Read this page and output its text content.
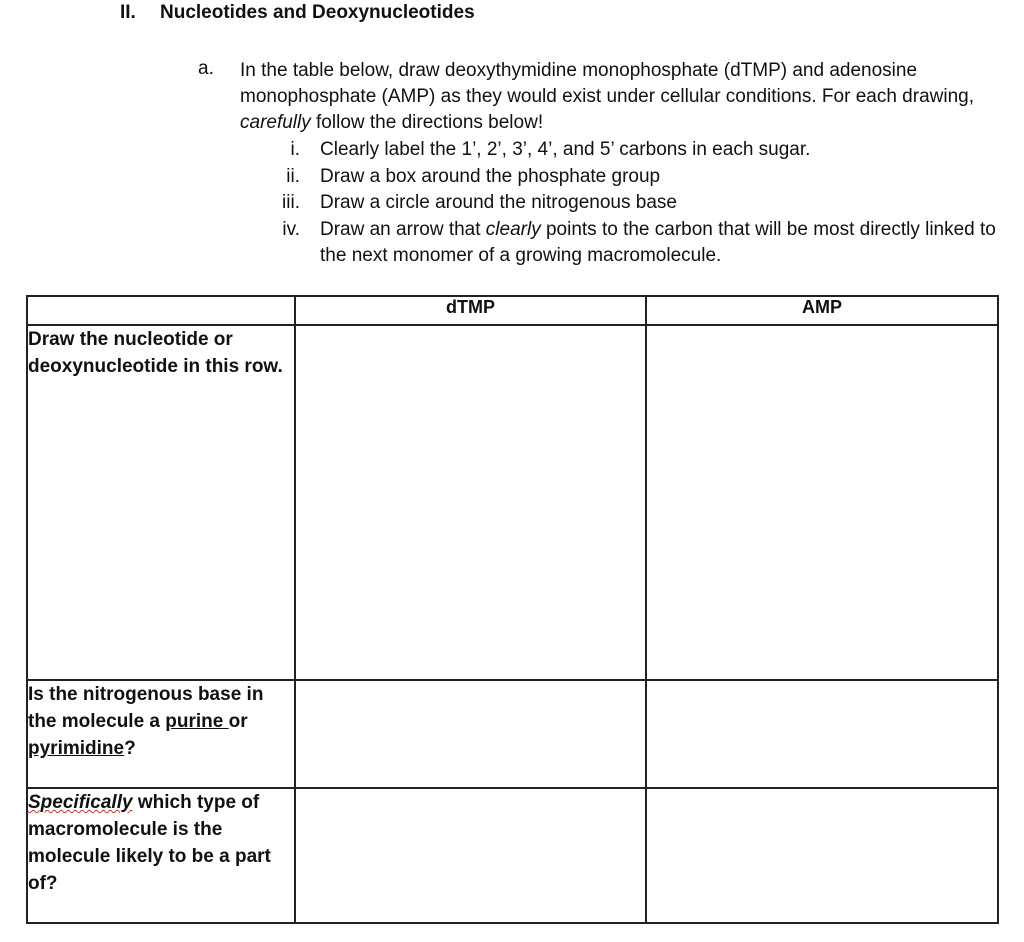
II. Nucleotides and Deoxynucleotides
a. In the table below, draw deoxythymidine monophosphate (dTMP) and adenosine monophosphate (AMP) as they would exist under cellular conditions. For each drawing, carefully follow the directions below!
i.	Clearly label the 1’, 2’, 3’, 4’, and 5’ carbons in each sugar.
ii.	Draw a box around the phosphate group
iii.	Draw a circle around the nitrogenous base
iv.	Draw an arrow that clearly points to the carbon that will be most directly linked to the next monomer of a growing macromolecule.
	dTMP	AMP
Draw the nucleotide or deoxynucleotide in this row.		
Is the nitrogenous base in the molecule a purine or pyrimidine?		
Specifically which type of macromolecule is the molecule likely to be a part of?		
